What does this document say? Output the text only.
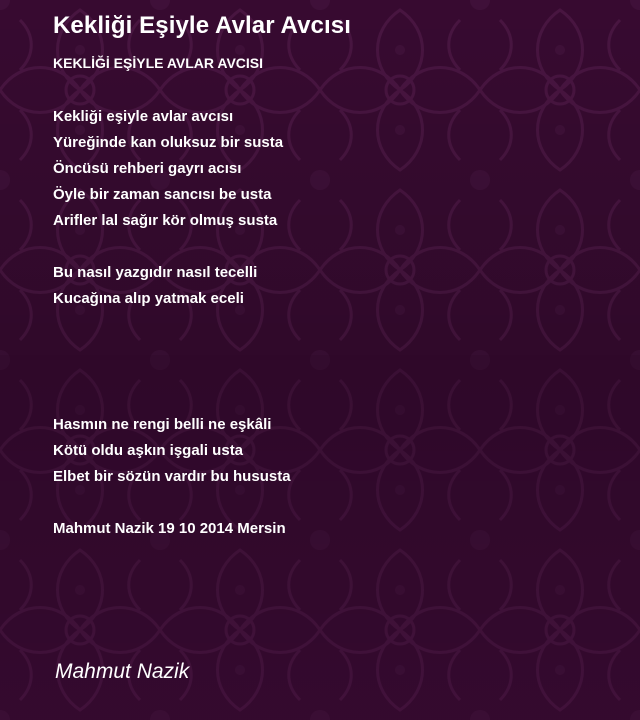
Kekliği Eşiyle Avlar Avcısı
KEKLİĞİ EŞİYLE AVLAR AVCISI
Kekliği eşiyle avlar avcısı
Yüreğinde kan oluksuz bir susta
Öncüsü rehberi gayrı acısı
Öyle bir zaman sancısı be usta
Arifler lal sağır kör olmuş susta
Bu nasıl yazgıdır nasıl tecelli
Kucağına alıp yatmak eceli
Hasmın ne rengi belli ne eşkâli
Kötü oldu aşkın işgali usta
Elbet bir sözün vardır bu hususta
Mahmut Nazik 19 10 2014 Mersin
Mahmut Nazik
